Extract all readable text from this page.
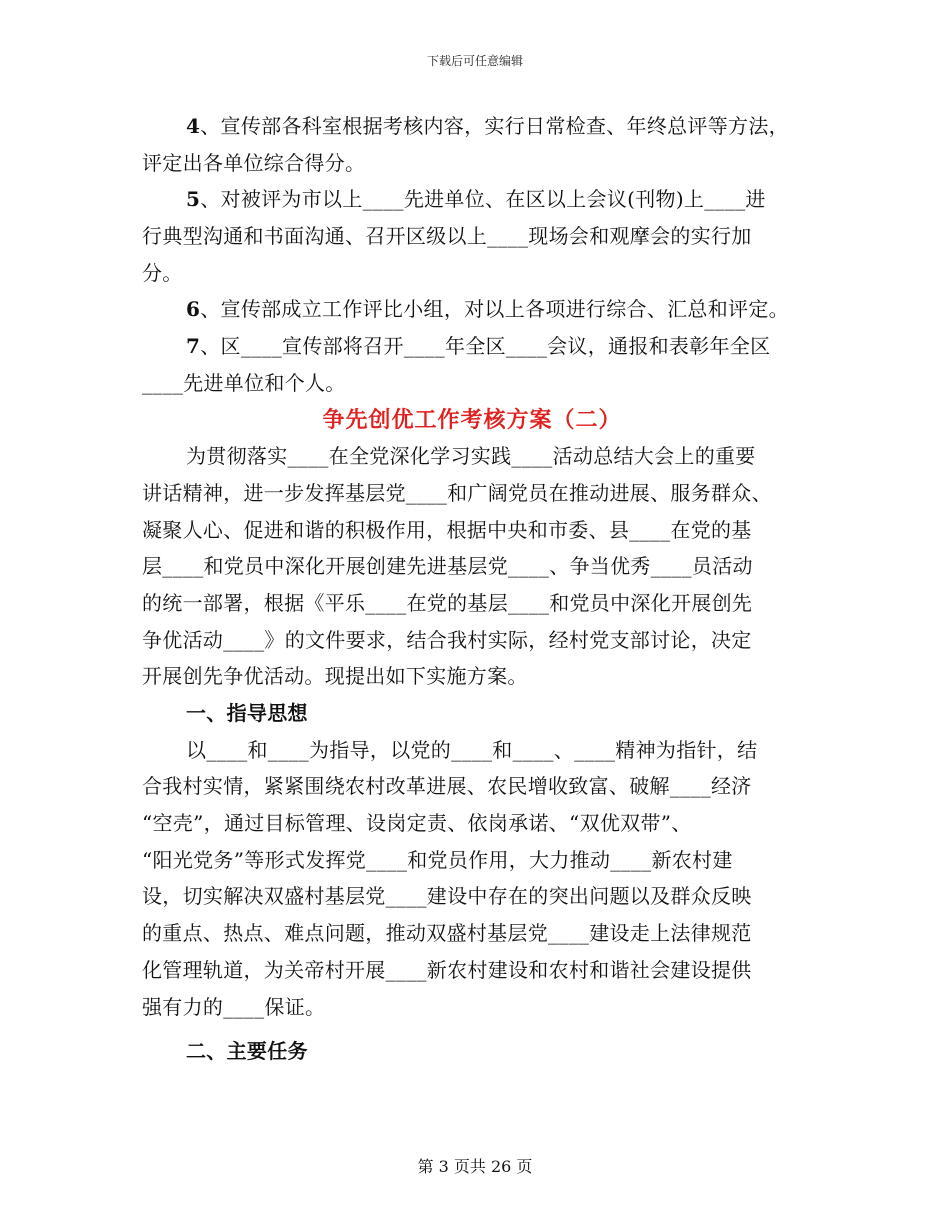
下载后可任意编辑
4、宣传部各科室根据考核内容，实行日常检查、年终总评等方法，
评定出各单位综合得分。
5、对被评为市以上____先进单位、在区以上会议(刊物)上____进
行典型沟通和书面沟通、召开区级以上____现场会和观摩会的实行加
分。
6、宣传部成立工作评比小组，对以上各项进行综合、汇总和评定。
7、区____宣传部将召开____年全区____会议，通报和表彰年全区
____先进单位和个人。
争先创优工作考核方案（二）
为贯彻落实____在全党深化学习实践____活动总结大会上的重要
讲话精神，进一步发挥基层党____和广阔党员在推动进展、服务群众、
凝聚人心、促进和谐的积极作用，根据中央和市委、县____在党的基
层____和党员中深化开展创建先进基层党____、争当优秀____员活动
的统一部署，根据《平乐____在党的基层____和党员中深化开展创先
争优活动____》的文件要求，结合我村实际，经村党支部讨论，决定
开展创先争优活动。现提出如下实施方案。
一、指导思想
以____和____为指导，以党的____和____、____精神为指针，结
合我村实情，紧紧围绕农村改革进展、农民增收致富、破解____经济
“空壳”，通过目标管理、设岗定责、依岗承诺、“双优双带”、
“阳光党务”等形式发挥党____和党员作用，大力推动____新农村建
设，切实解决双盛村基层党____建设中存在的突出问题以及群众反映
的重点、热点、难点问题，推动双盛村基层党____建设走上法律规范
化管理轨道，为关帝村开展____新农村建设和农村和谐社会建设提供
强有力的____保证。
二、主要任务
第 3 页共 26 页
